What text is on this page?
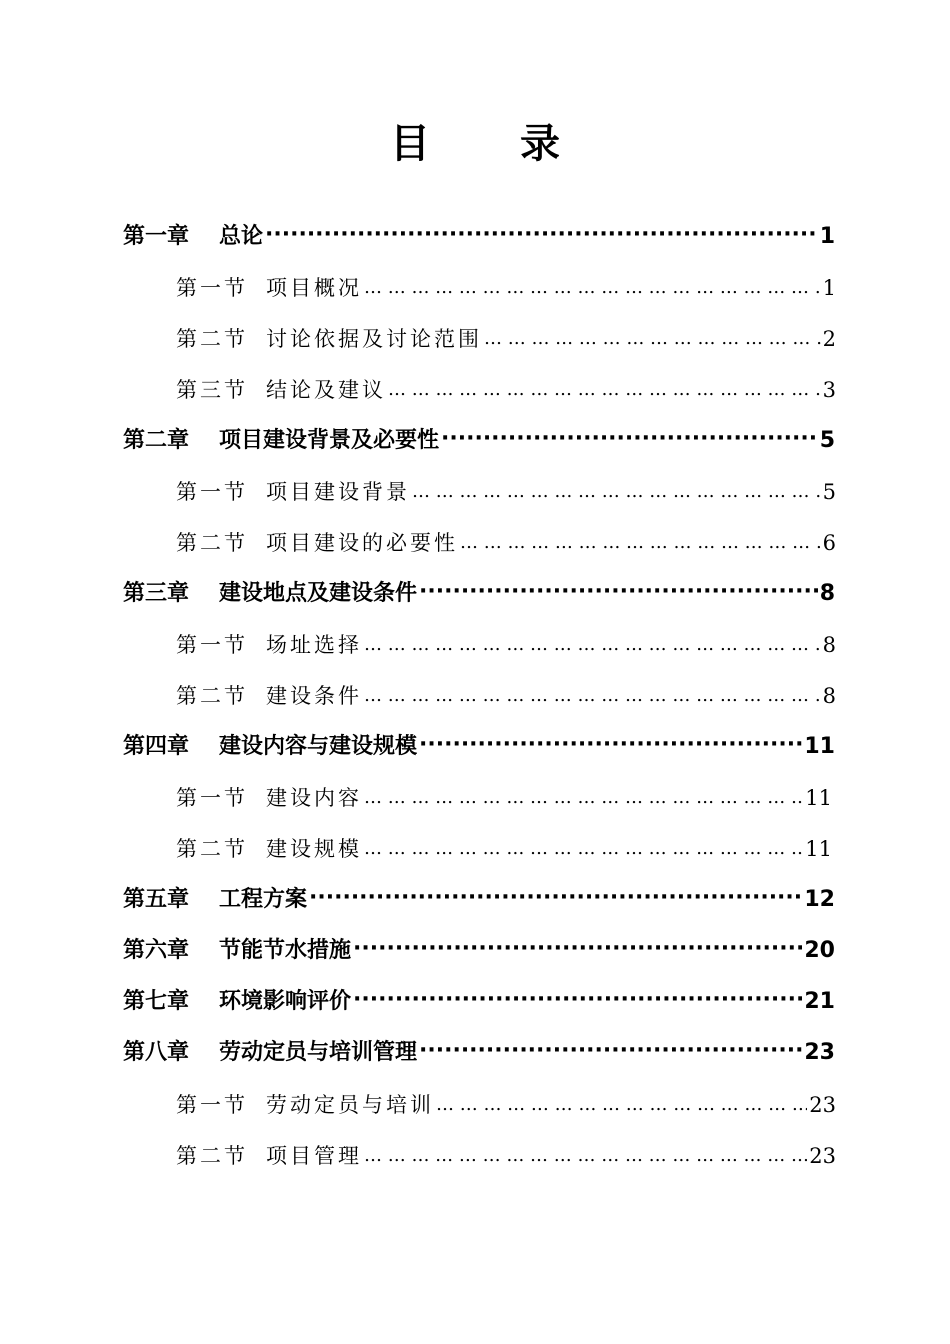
目 录
第一章 总论 ·····	1
第一节 项目概况 … … … … … … … … … … … … … … … … … … … … … … … … … … … … … … … … … … … … … … … … … …	1
第二节 讨论依据及讨论范围 … … … … … … … … … … … … … … … … … … … … … … … … … … … … … … … … … … … … … … … … … …	2
第三节 结论及建议 … … … … … … … … … … … … … … … … … … … … … … … … … … … … … … … … … … … … … … … … … …	3
第二章 项目建设背景及必要性 ·····	5
第一节 项目建设背景 … … … … … … … … … … … … … … … … … … … … … … … … … … … … … … … … … … … … … … … … … …	5
第二节 项目建设的必要性 … … … … … … … … … … … … … … … … … … … … … … … … … … … … … … … … … … … … … … … … … …	6
第三章 建设地点及建设条件 ·····	8
第一节 场址选择 … … … … … … … … … … … … … … … … … … … … … … … … … … … … … … … … … … … … … … … … … …	8
第二节 建设条件 … … … … … … … … … … … … … … … … … … … … … … … … … … … … … … … … … … … … … … … … … …	8
第四章 建设内容与建设规模 ·····	11
第一节 建设内容 … … … … … … … … … … … … … … … … … … … … … … … … … … … … … … … … … … … … … … … … … …	11
第二节 建设规模 … … … … … … … … … … … … … … … … … … … … … … … … … … … … … … … … … … … … … … … … … …	11
第五章 工程方案 ·····	12
第六章 节能节水措施 ·····	20
第七章 环境影响评价 ·····	21
第八章 劳动定员与培训管理 ·····	23
第一节 劳动定员与培训 … … … … … … … … … … … … … … … … … … … … … … … … … … … … … … … … … … … … … … … … … …	23
第二节 项目管理 … … … … … … … … … … … … … … … … … … … … … … … … … … … … … … … … … … … … … … … … … …	23
